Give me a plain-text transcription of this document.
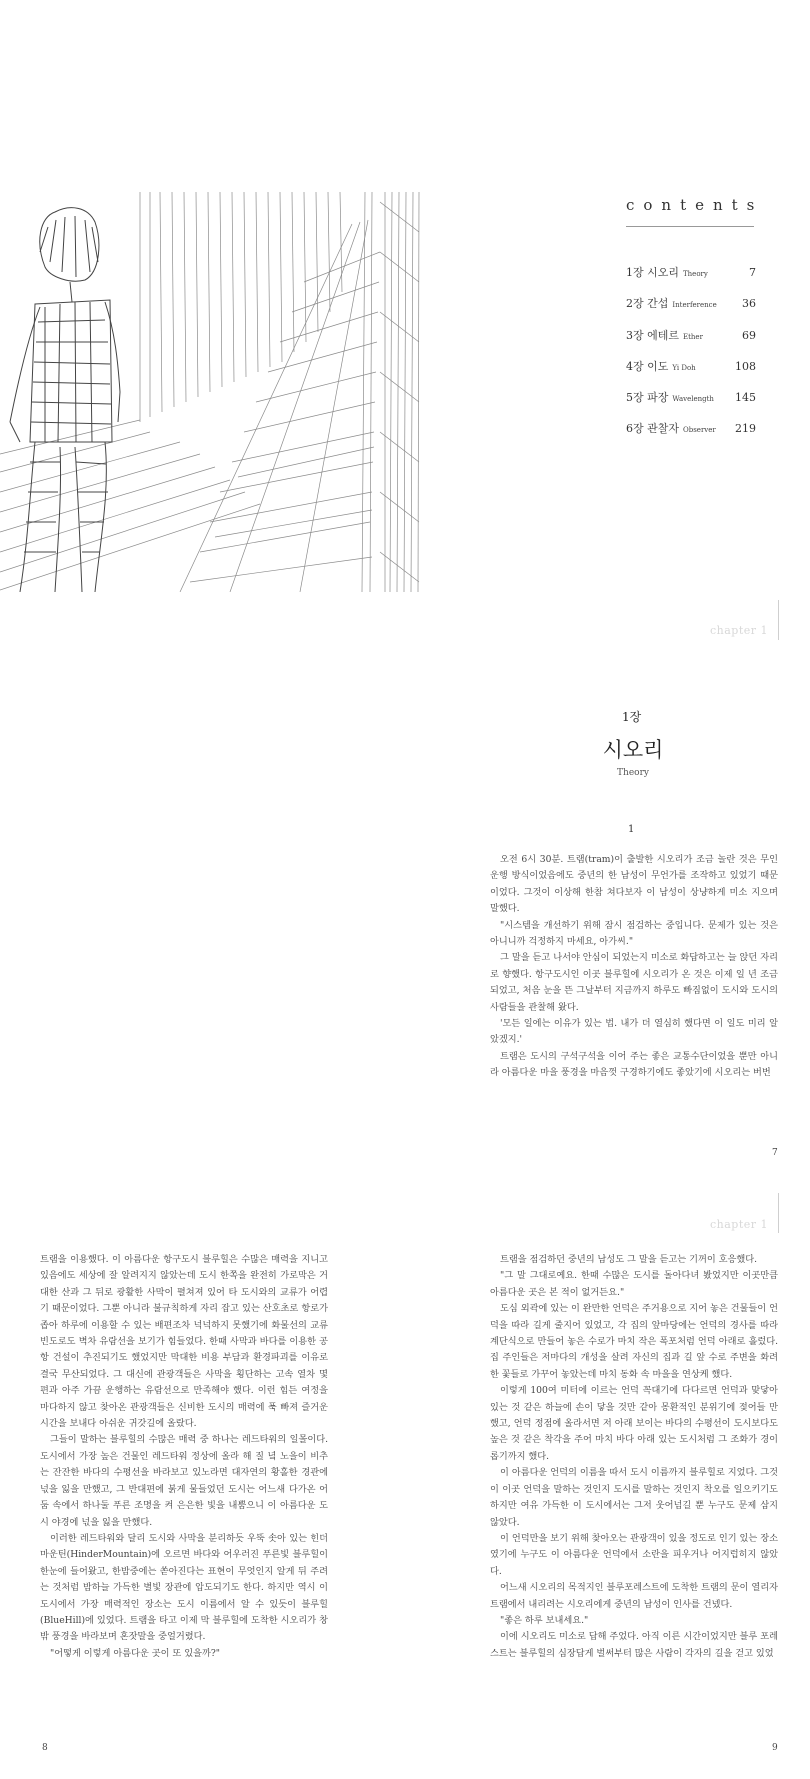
contents
1장 시오리 Theory	7
2장 간섭 Interference 36
3장 에테르 Ether	69
4장 이도 Yi Doh	108
5장 파장 Wavelength 145
6장 관찰자 Observer 219
chapter 1
1장
시오리
Theory
1

오전 6시 30분. 트램(tram)이 출발한 시오리가 조금 놀란 것은 무인 운행 방식이었음에도 중년의 한 남성이 무언가를 조작하고 있었기 때문이었다. 그것이 이상해 한참 쳐다보자 이 남성이 상냥하게 미소 지으며 말했다.

"시스템을 개선하기 위해 잠시 점검하는 중입니다. 문제가 있는 것은 아니니까 걱정하지 마세요, 아가씨."

그 말을 듣고 나서야 안심이 되었는지 미소로 화답하고는 늘 앉던 자리로 향했다. 항구도시인 이곳 블루힐에 시오리가 온 것은 이제 일 년 조금 되었고, 처음 눈을 뜬 그날부터 지금까지 하루도 빠짐없이 도시와 도시의 사람들을 관찰해 왔다.

'모든 일에는 이유가 있는 법. 내가 더 열심히 했다면 이 일도 미리 알았겠지.'

트램은 도시의 구석구석을 이어 주는 좋은 교통수단이었을 뿐만 아니라 아름다운 마을 풍경을 마음껏 구경하기에도 좋았기에 시오리는 버번

7
chapter 1

트램을 이용했다. 이 아름다운 항구도시 블루힐은 수많은 매력을 지니고 있음에도 세상에 잘 알려지지 않았는데 도시 한쪽을 완전히 가로막은 거대한 산과 그 뒤로 광활한 사막이 펼쳐져 있어 타 도시와의 교류가 어렵기 때문이었다. 그뿐 아니라 불규칙하게 자리 잡고 있는 산호초로 항로가 좁아 하루에 이용할 수 있는 배편조차 넉넉하지 못했기에 화물선의 교류 빈도로도 벽차 유람선을 보기가 힘들었다. 한때 사막과 바다를 이용한 공항 건설이 추진되기도 했었지만 막대한 비용 부담과 환경파괴를 이유로 결국 무산되었다. 그 대신에 관광객들은 사막을 횡단하는 고속 열차 몇 편과 아주 가끔 운행하는 유람선으로 만족해야 했다. 이런 힘든 여정을 마다하지 않고 찾아온 관광객들은 신비한 도시의 매력에 푹 빠져 즐거운 시간을 보내다 아쉬운 귀갓길에 올랐다.

그들이 말하는 블루힐의 수많은 매력 중 하나는 레드타워의 일몰이다. 도시에서 가장 높은 건물인 레드타워 정상에 올라 해 질 녘 노을이 비추는 잔잔한 바다의 수평선을 바라보고 있노라면 대자연의 황홀한 경관에 넋을 잃을 만했고, 그 반대편에 붉게 물들었던 도시는 어느새 다가온 어둠 속에서 하나둘 푸른 조명을 켜 은은한 빛을 내뿜으니 이 아름다운 도시 야경에 넋을 잃을 만했다.

이러한 레드타워와 달리 도시와 사막을 분리하듯 우뚝 솟아 있는 힌더마운틴(HinderMountain)에 오르면 바다와 어우러진 푸른빛 블루힐이 한눈에 들어왔고, 한밤중에는 쏟아진다는 표현이 무엇인지 알게 뒤 주려는 것처럼 밤하늘 가득한 별빛 장관에 압도되기도 한다. 하지만 역시 이 도시에서 가장 매력적인 장소는 도시 이름에서 알 수 있듯이 블루힐(BlueHill)에 있었다. 트램을 타고 이제 막 블루힐에 도착한 시오리가 창밖 풍경을 바라보며 혼잣말을 중얼거렸다.

"어떻게 이렇게 아름다운 곳이 또 있을까?"

8

트램을 점검하던 중년의 남성도 그 말을 듣고는 기꺼이 호응했다.

"그 말 그대로예요. 한때 수많은 도시를 돌아다녀 봤었지만 이곳만큼 아름다운 곳은 본 적이 없거든요."

도심 외곽에 있는 이 완만한 언덕은 주거용으로 지어 놓은 건물들이 언덕을 따라 길게 줄지어 있었고, 각 집의 앞마당에는 언덕의 경사를 따라 계단식으로 만들어 놓은 수로가 마치 작은 폭포처럼 언덕 아래로 흘렀다. 집 주인들은 저마다의 개성을 살려 자신의 집과 길 앞 수로 주변을 화려한 꽃들로 가꾸어 놓았는데 마치 동화 속 마을을 연상케 했다.

이렇게 100여 미터에 이르는 언덕 꼭대기에 다다르면 언덕과 맞닿아 있는 것 같은 하늘에 손이 닿을 것만 같아 몽환적인 분위기에 젖어들 만했고, 언덕 정점에 올라서면 저 아래 보이는 바다의 수평선이 도시보다도 높은 것 같은 착각을 주어 마치 바다 아래 있는 도시처럼 그 조화가 경이롭기까지 했다.

이 아름다운 언덕의 이름을 따서 도시 이름까지 블루힐로 지었다. 그것이 이곳 언덕을 말하는 것인지 도시를 말하는 것인지 착오를 일으키기도 하지만 여유 가득한 이 도시에서는 그저 웃어넘길 뿐 누구도 문제 삼지 않았다.

이 언덕만을 보기 위해 찾아오는 관광객이 있을 정도로 인기 있는 장소였기에 누구도 이 아름다운 언덕에서 소란을 피우거나 어지럽히지 않았다.

어느새 시오리의 목적지인 블루포레스트에 도착한 트램의 문이 열리자 트램에서 내리려는 시오리에게 중년의 남성이 인사를 건넸다.

"좋은 하루 보내세요."

이에 시오리도 미소로 답해 주었다. 아직 이른 시간이었지만 블루 포레스트는 블루힐의 심장답게 벌써부터 많은 사람이 각자의 길을 걷고 있었

9
